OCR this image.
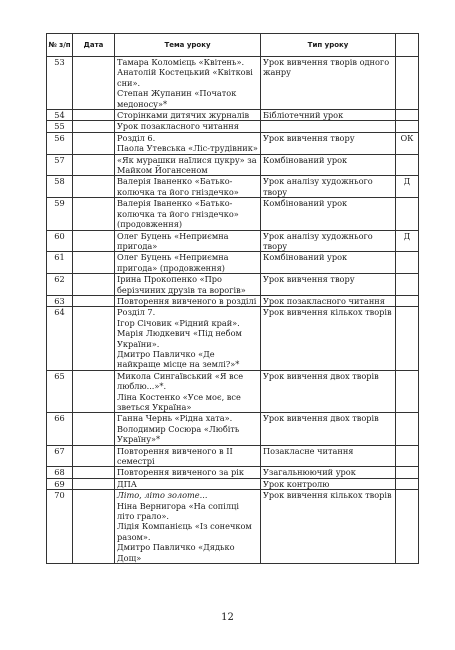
№ з/п	Дата	Тема уроку	Тип уроку	
53		Тамара Коломієць «Квітень».
Анатолій Костецький «Квіткові сни».
Степан Жупанин «Початок медоносу»*	Урок вивчення творів одного жанру	
54		Сторінками дитячих журналів	Бібліотечний урок	
55		Урок позакласного читання		

56		Розділ 6.
Паола Утевська «Ліс-трудівник»	Урок вивчення твору	ОК
57		«Як мурашки наїлися цукру» за Майком Йогансеном	Комбінований урок	
58		Валерія Іваненко «Батько-колючка та його гніздечко»	Урок аналізу художнього твору	Д
59		Валерія Іваненко «Батько-колючка та його гніздечко» (продовження)	Комбінований урок	
60		Олег Буцень «Неприємна пригода»	Урок аналізу художнього твору	Д
61		Олег Буцень «Неприємна пригода» (продовження)	Комбінований урок	
62		Ірина Прокопенко «Про берізчиних друзів та ворогів»	Урок вивчення твору	
63		Повторення вивченого в розділі	Урок позакласного читання	
64		Розділ 7.
Ігор Січовик «Рідний край».
Марія Людкевич «Під небом України».
Дмитро Павличко «Де найкраще місце на землі?»*	Урок вивчення кількох творів	
65		Микола Сингаївський «Я все люблю...»*.
Ліна Костенко «Усе моє, все зветься Україна»	Урок вивчення двох творів	
66		Ганна Чернь «Рідна хата».
Володимир Сосюра «Любіть Україну»*	Урок вивчення двох творів	
67		Повторення вивченого в ІІ семестрі	Позакласне читання	
68		Повторення вивченого за рік	Узагальнюючий урок	
69		ДПА	Урок контролю	
70		Літо, літо золоте...
Ніна Вернигора «На сопілці літо грало».
Лідія Компанієць «Із сонечком разом».
Дмитро Павличко «Дядько Дощ»	Урок вивчення кількох творів	
12
